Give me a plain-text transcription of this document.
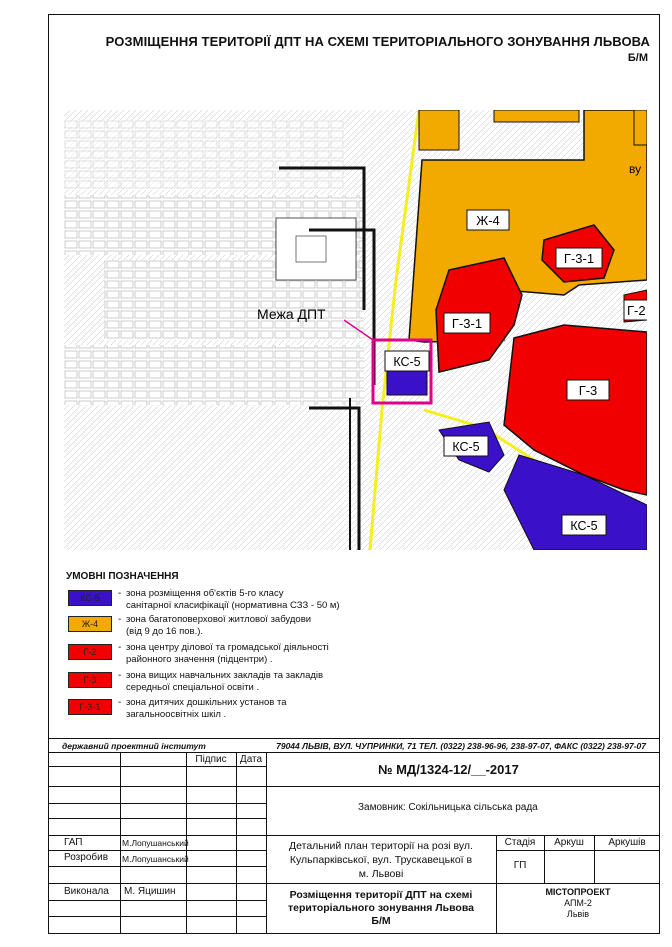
РОЗМІЩЕННЯ ТЕРИТОРІЇ ДПТ НА СХЕМІ ТЕРИТОРІАЛЬНОГО ЗОНУВАННЯ ЛЬВОВА
Б/М
Ж-4
Г-3-1
Г-3-1
Г-2
Г-3
КС-5
КС-5
КС-5
Межа ДПТ
ву
УМОВНІ ПОЗНАЧЕННЯ
КС-5	- зона розміщення об'єктів 5-го класу
санітарної класифікації (нормативна СЗЗ - 50 м)
Ж-4	- зона багатоповерхової житлової забудови
(від 9 до 16 пов.).
Г-2	- зона центру ділової та громадської діяльності
районного значення (підцентри) .
Г-3	- зона вищих навчальних закладів та закладів
середньої спеціальної освіти .
Г-3-1	- зона дитячих дошкільних установ та
загальноосвітніх шкіл .
державний проектний інститут	79044 ЛЬВІВ, ВУЛ. ЧУПРИНКИ, 71 ТЕЛ. (0322) 238-96-96, 238-97-07, ФАКС (0322) 238-97-07
Підпис	Дата
ГАП	М.Лопушанський
Розробив М.Лопушанський
Виконала М. Яцишин
№ МД/1324-12/__-2017
Замовник: Сокільницька сільська рада
Детальний план території на розі вул.
Кульпарківської, вул. Трускавецької в
м. Львові
Стадія	Аркуш	Аркушів
ГП
Розміщення території ДПТ на схемі
територіального зонування Львова
Б/М
МІСТОПРОЕКТ
АПМ-2
Львів
